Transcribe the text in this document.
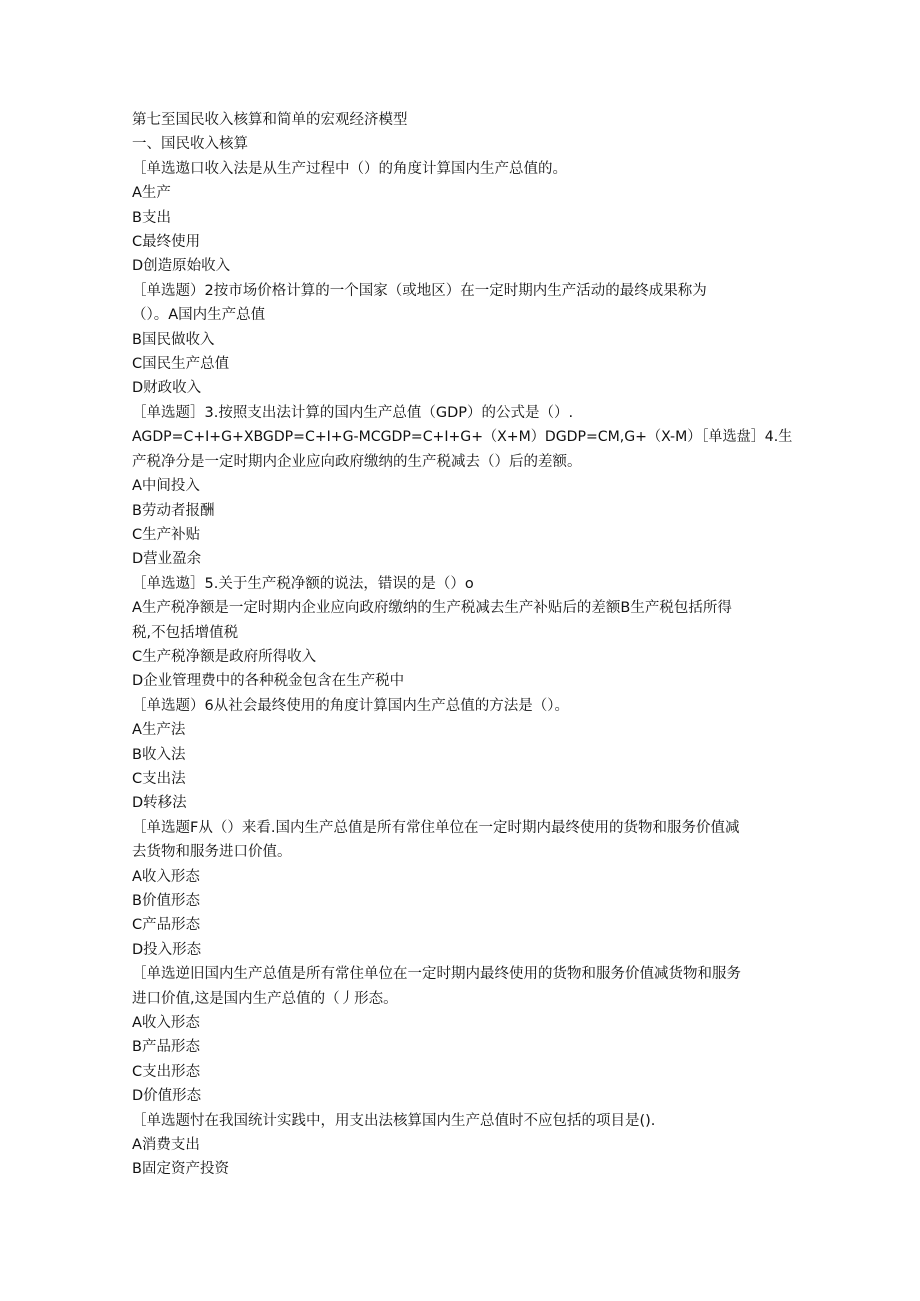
第七至国民收入核算和简单的宏观经济模型

一、国民收入核算

［单选遨口收入法是从生产过程中（）的角度计算国内生产总值的。

A生产

B支出

C最终使用

D创造原始收入

［单选题）2按市场价格计算的一个国家（或地区）在一定时期内生产活动的最终成果称为

（）。A国内生产总值

B国民做收入

C国民生产总值

D财政收入

［单选题］3.按照支出法计算的国内生产总值（GDP）的公式是（）.

AGDP=C+I+G+XBGDP=C+I+G-MCGDP=C+I+G+（X+M）DGDP=CM,G+（X-M）［单选盘］4.生

产税净分是一定时期内企业应向政府缴纳的生产税减去（）后的差额。

A中间投入

B劳动者报酬

C生产补贴

D营业盈余

［单选遨］5.关于生产税净额的说法，错误的是（）o

A生产税净额是一定时期内企业应向政府缴纳的生产税减去生产补贴后的差额B生产税包括所得

税,不包括增值税

C生产税净额是政府所得收入

D企业管理费中的各种税金包含在生产税中

［单选题）6从社会最终使用的角度计算国内生产总值的方法是（）。

A生产法

B收入法

C支出法

D转移法

［单选题F从（）来看.国内生产总值是所有常住单位在一定时期内最终使用的货物和服务价值减

去货物和服务进口价值。

A收入形态

B价值形态

C产品形态

D投入形态

［单选逆旧国内生产总值是所有常住单位在一定时期内最终使用的货物和服务价值减货物和服务

进口价值,这是国内生产总值的（丿形态。

A收入形态

B产品形态

C支出形态

D价值形态

［单选题忖在我国统计实践中，用支出法核算国内生产总值时不应包括的项目是().

A消费支出

B固定资产投资
